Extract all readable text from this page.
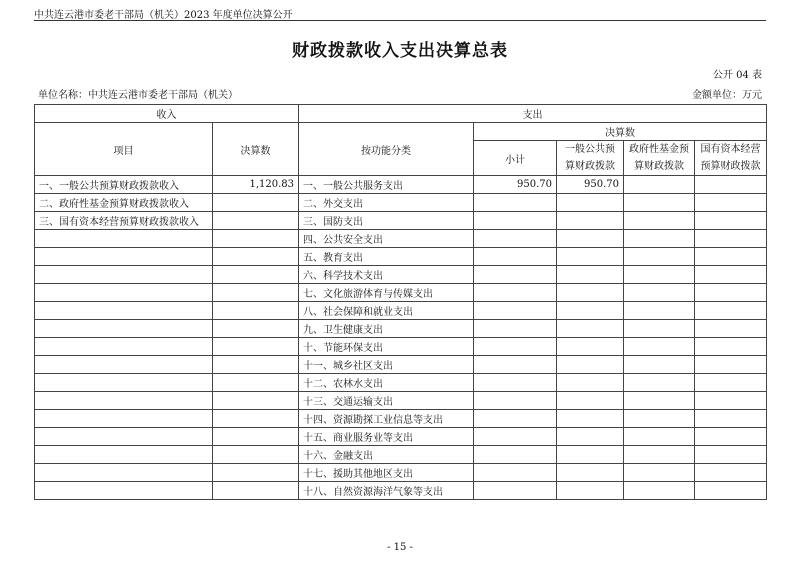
中共连云港市委老干部局（机关）2023 年度单位决算公开
财政拨款收入支出决算总表
公开 04 表
单位名称：中共连云港市委老干部局（机关）	金额单位：万元
收入		支出				
项目	决算数	按功能分类	决算数			
			小计	一般公共预算财政拨款	政府性基金预算财政拨款	国有资本经营预算财政拨款

一、一般公共预算财政拨款收入	1,120.83	一、一般公共服务支出	950.70	950.70		
二、政府性基金预算财政拨款收入		二、外交支出				
三、国有资本经营预算财政拨款收入		三、国防支出				
		四、公共安全支出				
		五、教育支出				
		六、科学技术支出				
		七、文化旅游体育与传媒支出				
		八、社会保障和就业支出				
		九、卫生健康支出				
		十、节能环保支出				
		十一、城乡社区支出				
		十二、农林水支出				
		十三、交通运输支出				
		十四、资源勘探工业信息等支出				
		十五、商业服务业等支出				
		十六、金融支出				
		十七、援助其他地区支出				
		十八、自然资源海洋气象等支出				
- 15 -
